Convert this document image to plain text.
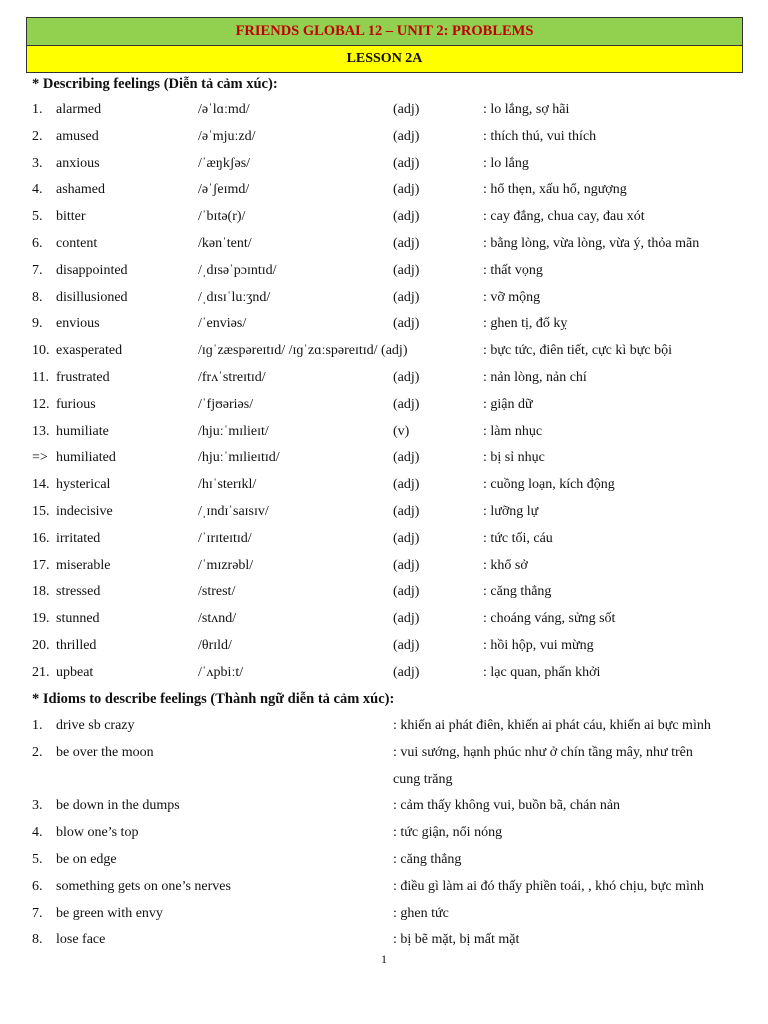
FRIENDS GLOBAL 12 – UNIT 2: PROBLEMS
LESSON 2A
* Describing feelings (Diễn tả cảm xúc):
1. alarmed	/əˈlɑːmd/	(adj)	: lo lắng, sợ hãi
2. amused	/əˈmjuːzd/	(adj)	: thích thú, vui thích
3. anxious	/ˈæŋkʃəs/	(adj)	: lo lắng
4. ashamed	/əˈʃeɪmd/	(adj)	: hổ thẹn, xấu hổ, ngượng
5. bitter	/ˈbɪtə(r)/	(adj)	: cay đắng, chua cay, đau xót
6. content	/kənˈtent/	(adj)	: bằng lòng, vừa lòng, vừa ý, thỏa mãn
7. disappointed	/ˌdɪsəˈpɔɪntɪd/	(adj)	: thất vọng
8. disillusioned	/ˌdɪsɪˈluːʒnd/	(adj)	: vỡ mộng
9. envious	/ˈenviəs/	(adj)	: ghen tị, đố kỵ
10. exasperated	/ɪɡˈzæspəreɪtɪd/ /ɪɡˈzɑːspəreɪtɪd/ (adj)	: bực tức, điên tiết, cực kì bực bội
11. frustrated	/frʌˈstreɪtɪd/	(adj)	: nản lòng, nản chí
12. furious	/ˈfjʊəriəs/	(adj)	: giận dữ
13. humiliate	/hjuːˈmɪlieɪt/	(v)	: làm nhục
=> humiliated	/hjuːˈmɪlieɪtɪd/	(adj)	: bị sỉ nhục
14. hysterical	/hɪˈsterɪkl/	(adj)	: cuồng loạn, kích động
15. indecisive	/ˌɪndɪˈsaɪsɪv/	(adj)	: lưỡng lự
16. irritated	/ˈɪrɪteɪtɪd/	(adj)	: tức tối, cáu
17. miserable	/ˈmɪzrəbl/	(adj)	: khổ sở
18. stressed	/strest/	(adj)	: căng thẳng
19. stunned	/stʌnd/	(adj)	: choáng váng, sửng sốt
20. thrilled	/θrɪld/	(adj)	: hồi hộp, vui mừng
21. upbeat	/ˈʌpbiːt/	(adj)	: lạc quan, phấn khởi
* Idioms to describe feelings (Thành ngữ diễn tả cảm xúc):
1. drive sb crazy	: khiến ai phát điên, khiến ai phát cáu, khiến ai bực mình
2. be over the moon	: vui sướng, hạnh phúc như ở chín tầng mây, như trên
cung trăng
3. be down in the dumps	: cảm thấy không vui, buồn bã, chán nản
4. blow one’s top	: tức giận, nổi nóng
5. be on edge	: căng thẳng
6. something gets on one’s nerves	: điều gì làm ai đó thấy phiền toái, , khó chịu, bực mình
7. be green with envy	: ghen tức
8. lose face	: bị bẽ mặt, bị mất mặt
1
